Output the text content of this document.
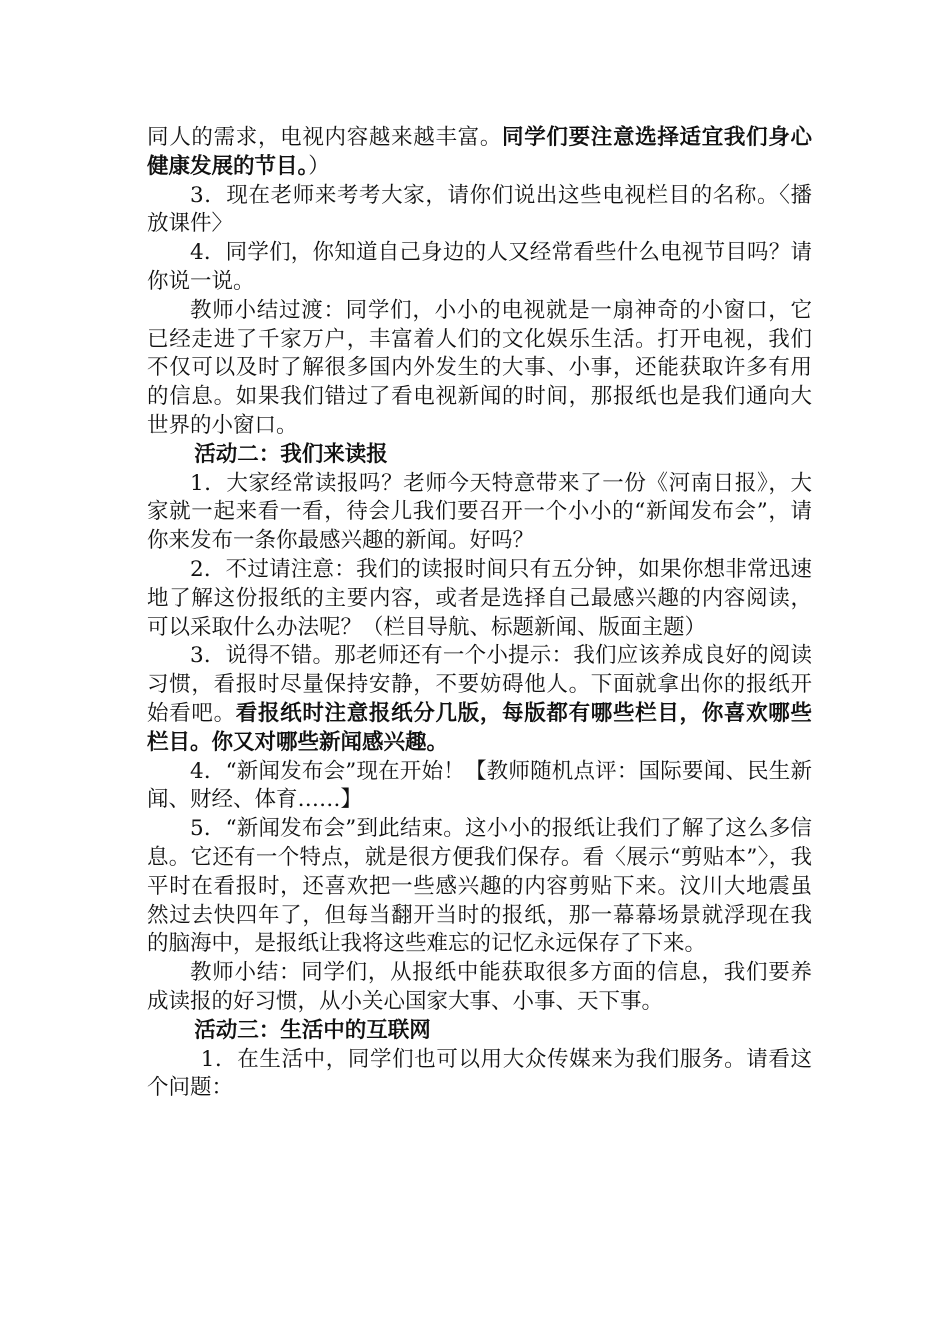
同人的需求，电视内容越来越丰富。同学们要注意选择适宜我们身心健康发展的节目。）

3．现在老师来考考大家，请你们说出这些电视栏目的名称。〈播放课件〉

4．同学们，你知道自己身边的人又经常看些什么电视节目吗？请你说一说。

教师小结过渡：同学们，小小的电视就是一扇神奇的小窗口，它已经走进了千家万户，丰富着人们的文化娱乐生活。打开电视，我们不仅可以及时了解很多国内外发生的大事、小事，还能获取许多有用的信息。如果我们错过了看电视新闻的时间，那报纸也是我们通向大世界的小窗口。

活动二：我们来读报

1．大家经常读报吗？老师今天特意带来了一份《河南日报》，大家就一起来看一看，待会儿我们要召开一个小小的“新闻发布会”，请你来发布一条你最感兴趣的新闻。好吗？

2．不过请注意：我们的读报时间只有五分钟，如果你想非常迅速地了解这份报纸的主要内容，或者是选择自己最感兴趣的内容阅读，可以采取什么办法呢？（栏目导航、标题新闻、版面主题）

3．说得不错。那老师还有一个小提示：我们应该养成良好的阅读习惯，看报时尽量保持安静，不要妨碍他人。下面就拿出你的报纸开始看吧。看报纸时注意报纸分几版，每版都有哪些栏目，你喜欢哪些栏目。你又对哪些新闻感兴趣。

4．“新闻发布会”现在开始！【教师随机点评：国际要闻、民生新闻、财经、体育……】

5．“新闻发布会”到此结束。这小小的报纸让我们了解了这么多信息。它还有一个特点，就是很方便我们保存。看〈展示“剪贴本”〉，我平时在看报时，还喜欢把一些感兴趣的内容剪贴下来。汶川大地震虽然过去快四年了，但每当翻开当时的报纸，那一幕幕场景就浮现在我的脑海中，是报纸让我将这些难忘的记忆永远保存了下来。

教师小结：同学们，从报纸中能获取很多方面的信息，我们要养成读报的好习惯，从小关心国家大事、小事、天下事。

活动三：生活中的互联网

1．在生活中，同学们也可以用大众传媒来为我们服务。请看这个问题：
